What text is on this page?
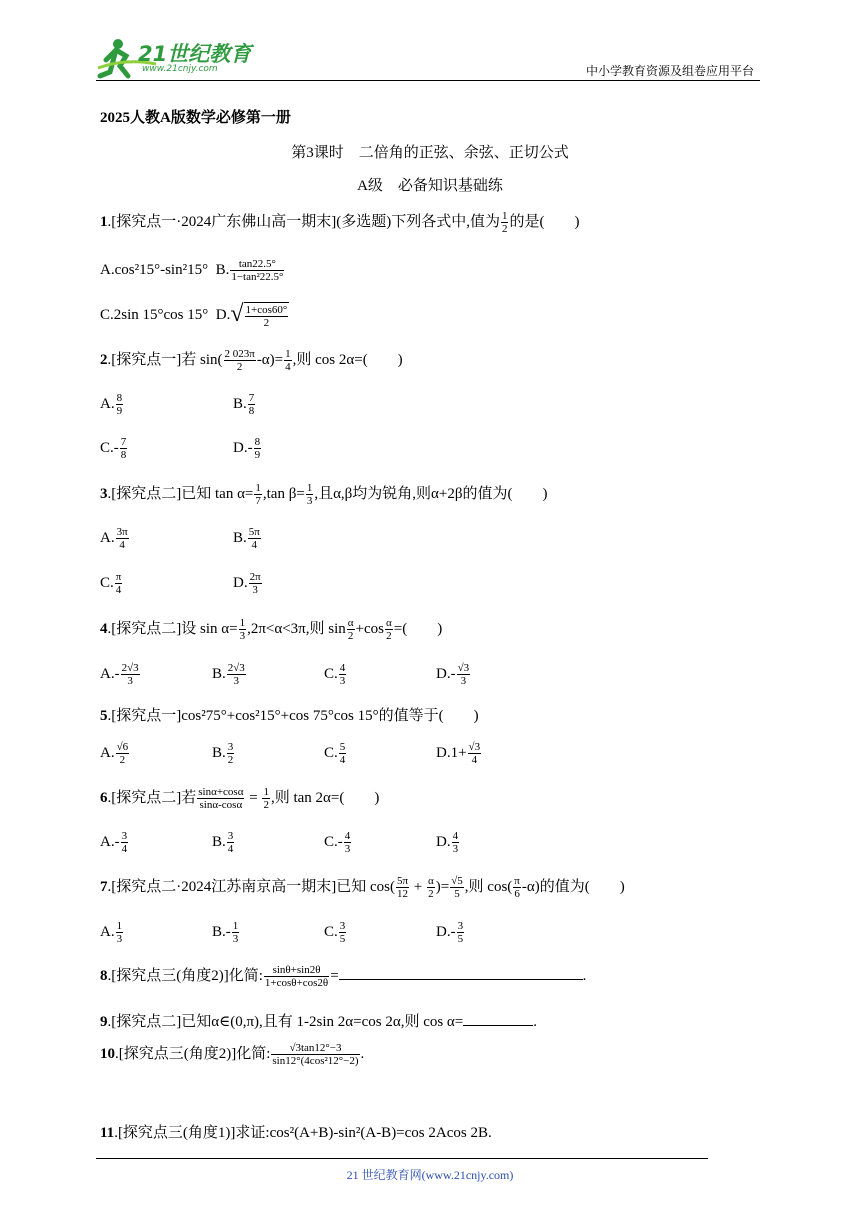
21世纪教育
www.21cnjy.com	中小学教育资源及组卷应用平台
2025人教A版数学必修第一册
第3课时　二倍角的正弦、余弦、正切公式
A级　必备知识基础练
1.[探究点一·2024广东佛山高一期末](多选题)下列各式中,值为 $\frac{1}{2}$ 的是(　　)
A.cos²15°-sin²15° B. $\frac{\tan 22.5^\circ}{\text{1−tan²22.5°}}$
C.2sin 15°cos 15° D. √ $\frac{1+\cos 60^\circ}{2}$
2.[探究点一]若 $\sin( \frac{2 023\pi}{2} -\alpha)= \frac{1}{4}$ ,则 cos 2α=(　　)
A. $\frac{8}{9}$	B. $\frac{7}{8}$
$C.- \frac{7}{8}$	$D.- \frac{8}{9}$
3.[探究点二]已知 $\tan \alpha= \frac{1}{7} ,\tan$ $\beta= \frac{1}{3}$ ,且α,β均为锐角,则α+2β的值为(　　)
A. $\frac{3\pi}{4}$	B. $\frac{5\pi}{4}$
C. $\frac{\pi}{4}$	D. $\frac{2\pi}{3}$
4.[探究点二]设 $\sin \alpha= \frac{1}{3} ,2\pi<\alpha<3\pi$,则 $\sin \frac{\alpha}{2} +\cos \frac{\alpha}{2}$ =(　　)
$A.- \frac{2√3}{3}$	B. $\frac{2√3}{3}$	C. $\frac{4}{3}$	$D.- \frac{√3}{3}$
5.[探究点一]cos²75°+cos²15°+cos 75°cos 15°的值等于(　　)
A. $\frac{√6}{2}$	B. $\frac{3}{2}$	C. $\frac{5}{4}$	$D.1+ \frac{√3}{4}$
6.[探究点二]若 $\frac{\sin\alpha+\cos\alpha}{\sin\alpha-\cos\alpha} = \frac{1}{2}$ ,则 tan 2α=(　　)
$A.- \frac{3}{4}$	B. $\frac{3}{4}$	$C.- \frac{4}{3}$	D. $\frac{4}{3}$
7.[探究点二·2024江苏南京高一期末]已知 $\cos( \frac{5\pi}{12} + \frac{\alpha}{2}$ )= $\frac{√5}{5}$ ,则 $\cos( \frac{\pi}{6} -\alpha)$的值为(　　)
A. $\frac{1}{3}$	$B.- \frac{1}{3}$	C. $\frac{3}{5}$	$D.- \frac{3}{5}$
8.[探究点三(角度2)]化简: $\frac{\sin\theta+\sin 2\theta}{1+\cos\theta+\cos 2\theta}$ =	.
9.[探究点二]已知α∈(0,π),且有 1-2sin 2α=cos 2α,则 cos α=	.
10.[探究点三(角度2)]化简: $\frac{√3\tan 12^\circ-3}{\text{sin12°(4cos²12°−2)}}$ .
11.[探究点三(角度1)]求证:cos²(A+B)-sin²(A-B)=cos 2Acos 2B.
21 世纪教育网(www.21cnjy.com)
